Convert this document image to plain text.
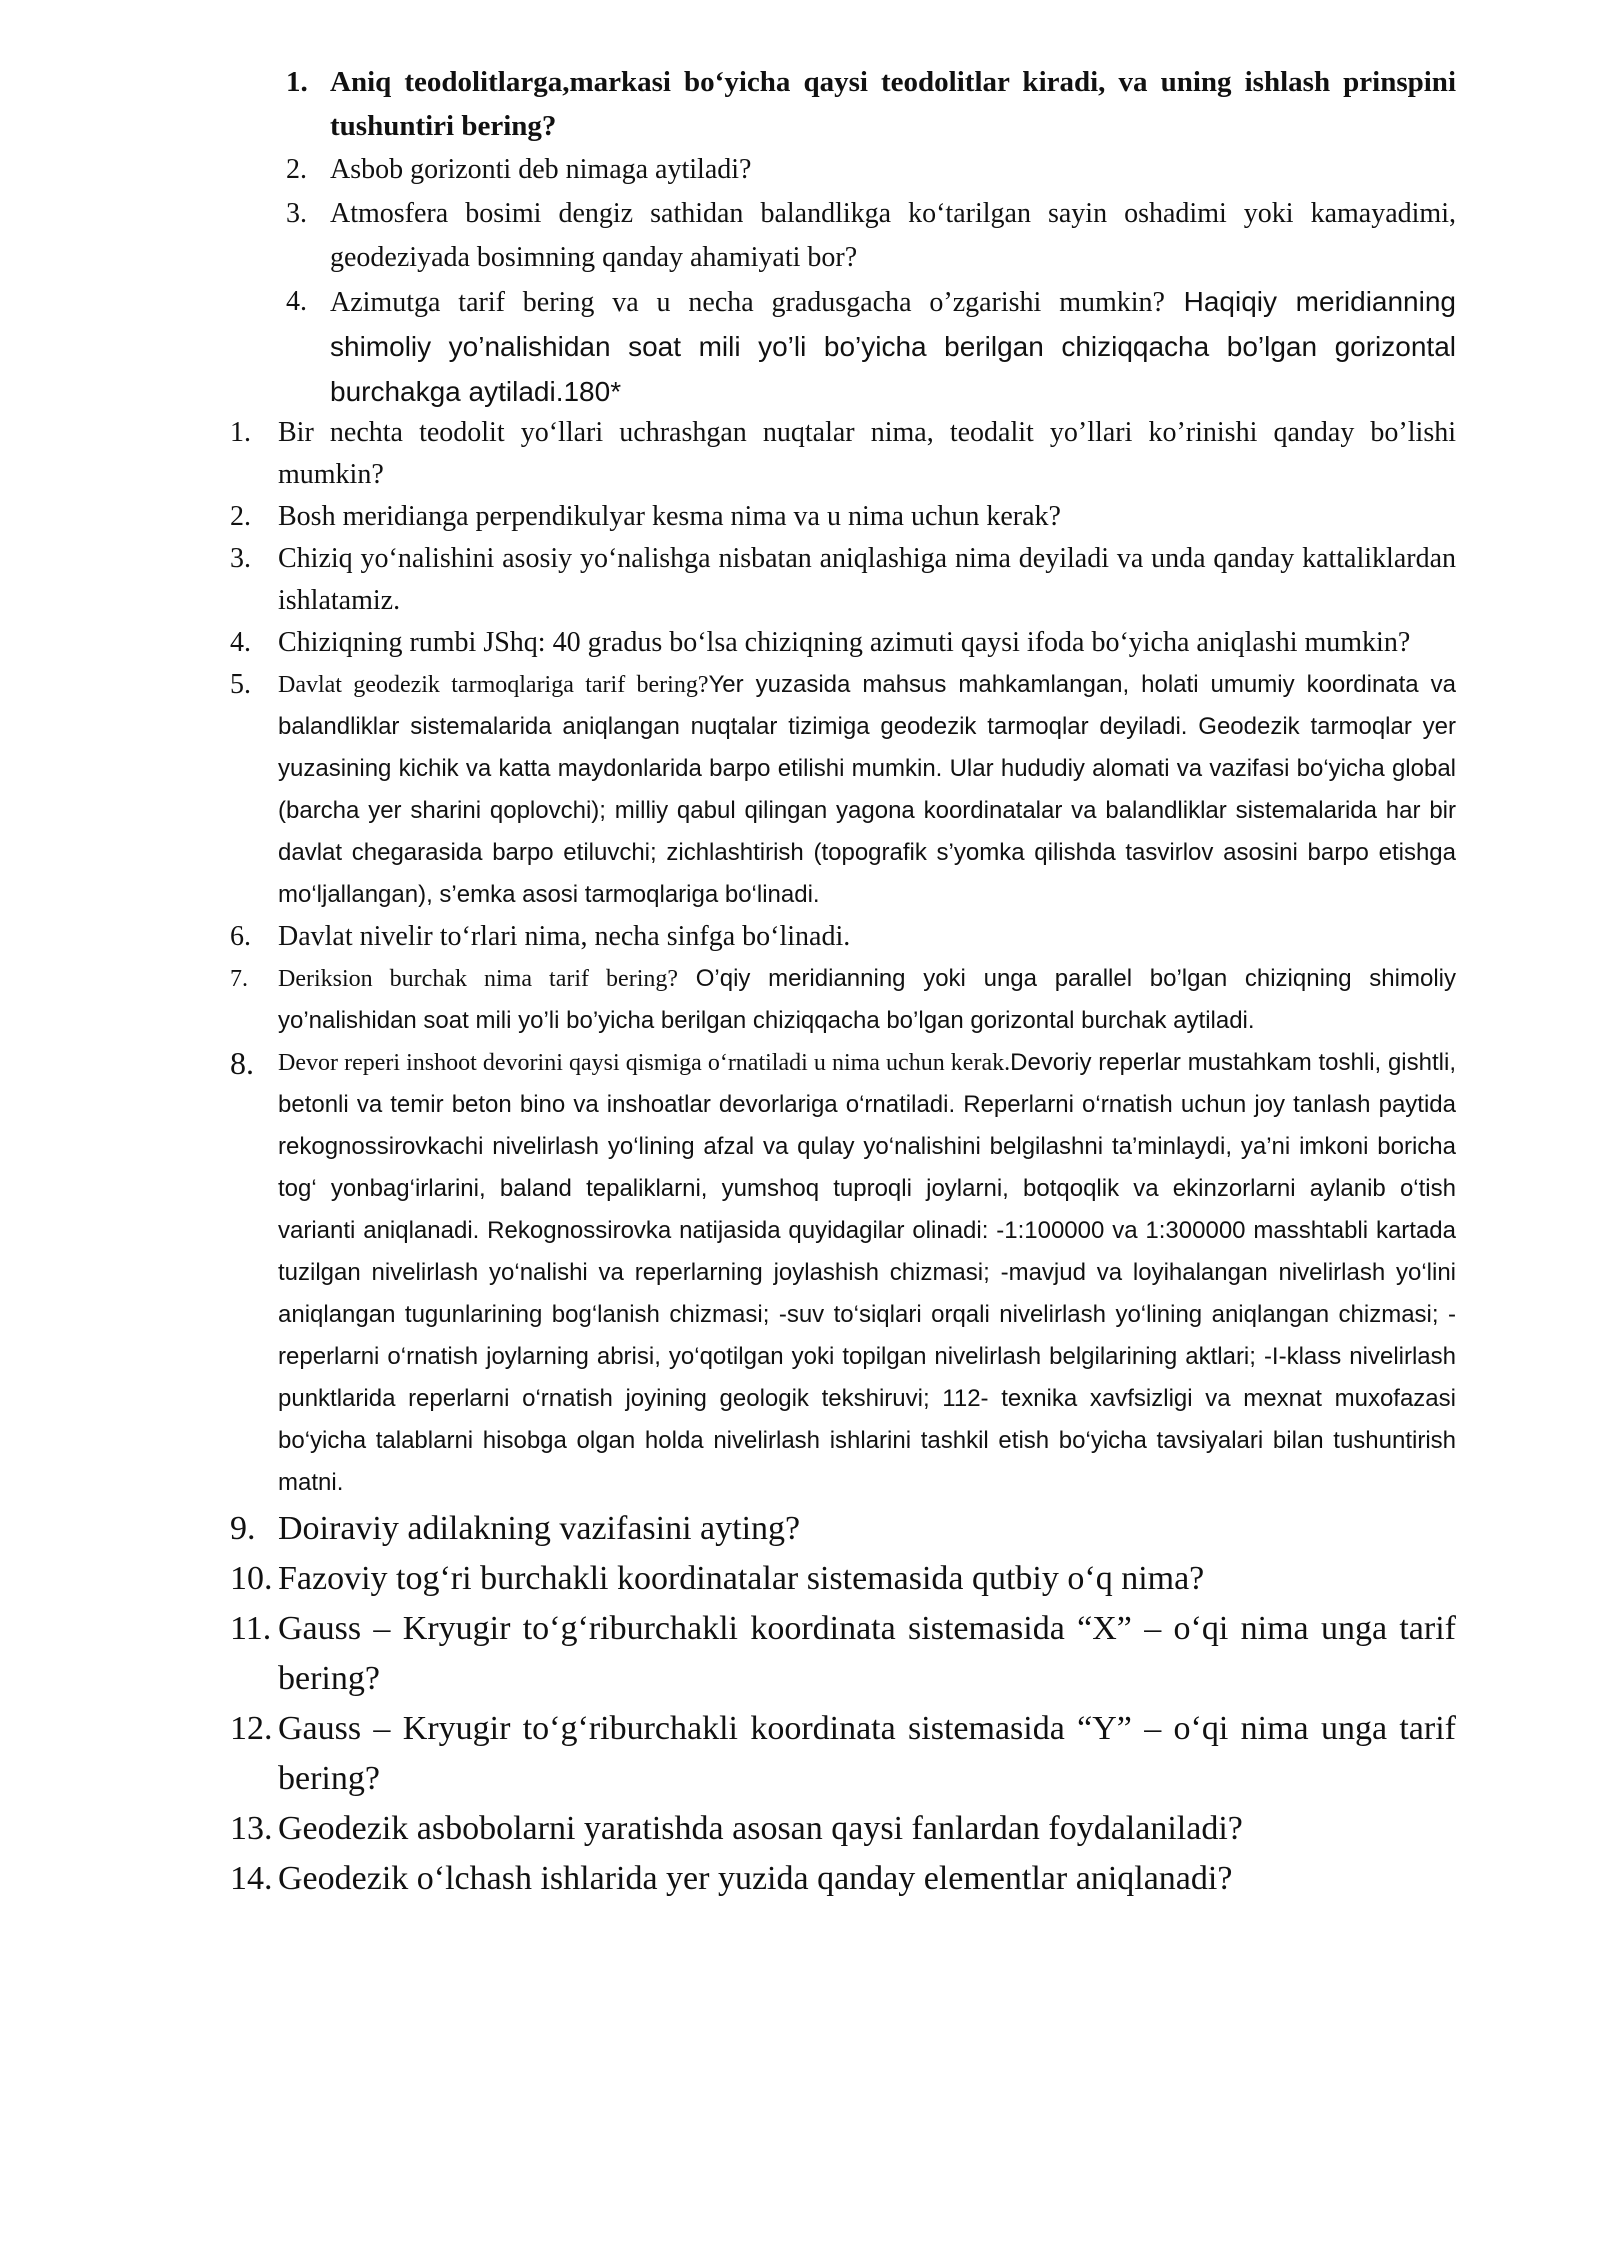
1. Aniq teodolitlarga,markasi bo‘yicha qaysi teodolitlar kiradi, va uning ishlash prinspini tushuntiri bering?
2. Asbob gorizonti deb nimaga aytiladi?
3. Atmosfera bosimi dengiz sathidan balandlikga ko‘tarilgan sayin oshadimi yoki kamayadimi, geodeziyada bosimning qanday ahamiyati bor?
4. Azimutga tarif bering va u necha gradusgacha o’zgarishi mumkin? Haqiqiy meridianning shimoliy yo’nalishidan soat mili yo’li bo’yicha berilgan chiziqqacha bo’lgan gorizontal burchakga aytiladi.180*
1. Bir nechta teodolit yo‘llari uchrashgan nuqtalar nima, teodalit yo’llari ko’rinishi qanday bo’lishi mumkin?
2. Bosh meridianga perpendikulyar kesma nima va u nima uchun kerak?
3. Chiziq yo‘nalishini asosiy yo‘nalishga nisbatan aniqlashiga nima deyiladi va unda qanday kattaliklardan ishlatamiz.
4. Chiziqning rumbi JShq: 40 gradus bo‘lsa chiziqning azimuti qaysi ifoda bo‘yicha aniqlashi mumkin?
5.	Davlat geodezik tarmoqlariga tarif bering?Yer yuzasida mahsus mahkamlangan, holati umumiy koordinata va balandliklar sistemalarida aniqlangan nuqtalar tizimiga geodezik tarmoqlar deyiladi. Geodezik tarmoqlar yer yuzasining kichik va katta maydonlarida barpo etilishi mumkin. Ular hududiy alomati va vazifasi bo‘yicha global (barcha yer sharini qoplovchi); milliy qabul qilingan yagona koordinatalar va balandliklar sistemalarida har bir davlat chegarasida barpo etiluvchi; zichlashtirish (topografik s’yomka qilishda tasvirlov asosini barpo etishga mo‘ljallangan), s’emka asosi tarmoqlariga bo‘linadi.
6. Davlat nivelir to‘rlari nima, necha sinfga bo‘linadi.
7.	Deriksion burchak nima tarif bering? O’qiy meridianning yoki unga parallel bo’lgan chiziqning shimoliy yo’nalishidan soat mili yo’li bo’yicha berilgan chiziqqacha bo’lgan gorizontal burchak aytiladi.
8.	Devor reperi inshoot devorini qaysi qismiga o‘rnatiladi u nima uchun kerak.Devoriy reperlar mustahkam toshli, gishtli, betonli va temir beton bino va inshoatlar devorlariga o‘rnatiladi. Reperlarni o‘rnatish uchun joy tanlash paytida rekognossirovkachi nivelirlash yo‘lining afzal va qulay yo‘nalishini belgilashni ta’minlaydi, ya’ni imkoni boricha tog‘ yonbag‘irlarini, baland tepaliklarni, yumshoq tuproqli joylarni, botqoqlik va ekinzorlarni aylanib o‘tish varianti aniqlanadi. Rekognossirovka natijasida quyidagilar olinadi: -1:100000 va 1:300000 masshtabli kartada tuzilgan nivelirlash yo‘nalishi va reperlarning joylashish chizmasi; -mavjud va loyihalangan nivelirlash yo‘lini aniqlangan tugunlarining bog‘lanish chizmasi; -suv to‘siqlari orqali nivelirlash yo‘lining aniqlangan chizmasi; -reperlarni o‘rnatish joylarning abrisi, yo‘qotilgan yoki topilgan nivelirlash belgilarining aktlari; -I-klass nivelirlash punktlarida reperlarni o‘rnatish joyining geologik tekshiruvi; 112- texnika xavfsizligi va mexnat muxofazasi bo‘yicha talablarni hisobga olgan holda nivelirlash ishlarini tashkil etish bo‘yicha tavsiyalari bilan tushuntirish matni.
9. Doiraviy adilakning vazifasini ayting?
10. Fazoviy tog‘ri burchakli koordinatalar sistemasida qutbiy o‘q nima?
11. Gauss – Kryugir to‘g‘riburchakli koordinata sistemasida “X” – o‘qi nima unga tarif bering?
12. Gauss – Kryugir to‘g‘riburchakli koordinata sistemasida “Y” – o‘qi nima unga tarif bering?
13. Geodezik asbobolarni yaratishda asosan qaysi fanlardan foydalaniladi?
14. Geodezik o‘lchash ishlarida yer yuzida qanday elementlar aniqlanadi?
